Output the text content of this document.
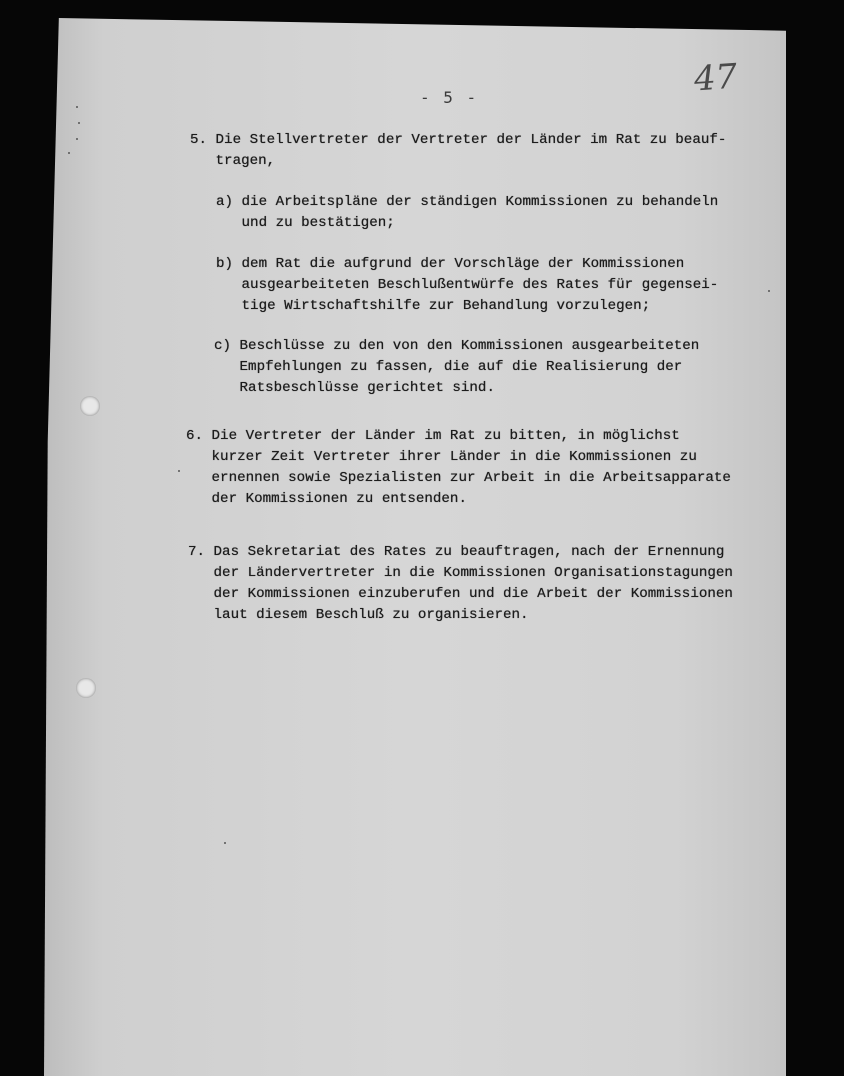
- 5 -	47
5. Die Stellvertreter der Vertreter der Länder im Rat zu beauf-
tragen,
a) die Arbeitspläne der ständigen Kommissionen zu behandeln
und zu bestätigen;
b) dem Rat die aufgrund der Vorschläge der Kommissionen
ausgearbeiteten Beschlußentwürfe des Rates für gegensei-
tige Wirtschaftshilfe zur Behandlung vorzulegen;
c) Beschlüsse zu den von den Kommissionen ausgearbeiteten
Empfehlungen zu fassen, die auf die Realisierung der
Ratsbeschlüsse gerichtet sind.
6. Die Vertreter der Länder im Rat zu bitten, in möglichst
kurzer Zeit Vertreter ihrer Länder in die Kommissionen zu
ernennen sowie Spezialisten zur Arbeit in die Arbeitsapparate
der Kommissionen zu entsenden.
7. Das Sekretariat des Rates zu beauftragen, nach der Ernennung
der Ländervertreter in die Kommissionen Organisationstagungen
der Kommissionen einzuberufen und die Arbeit der Kommissionen
laut diesem Beschluß zu organisieren.
